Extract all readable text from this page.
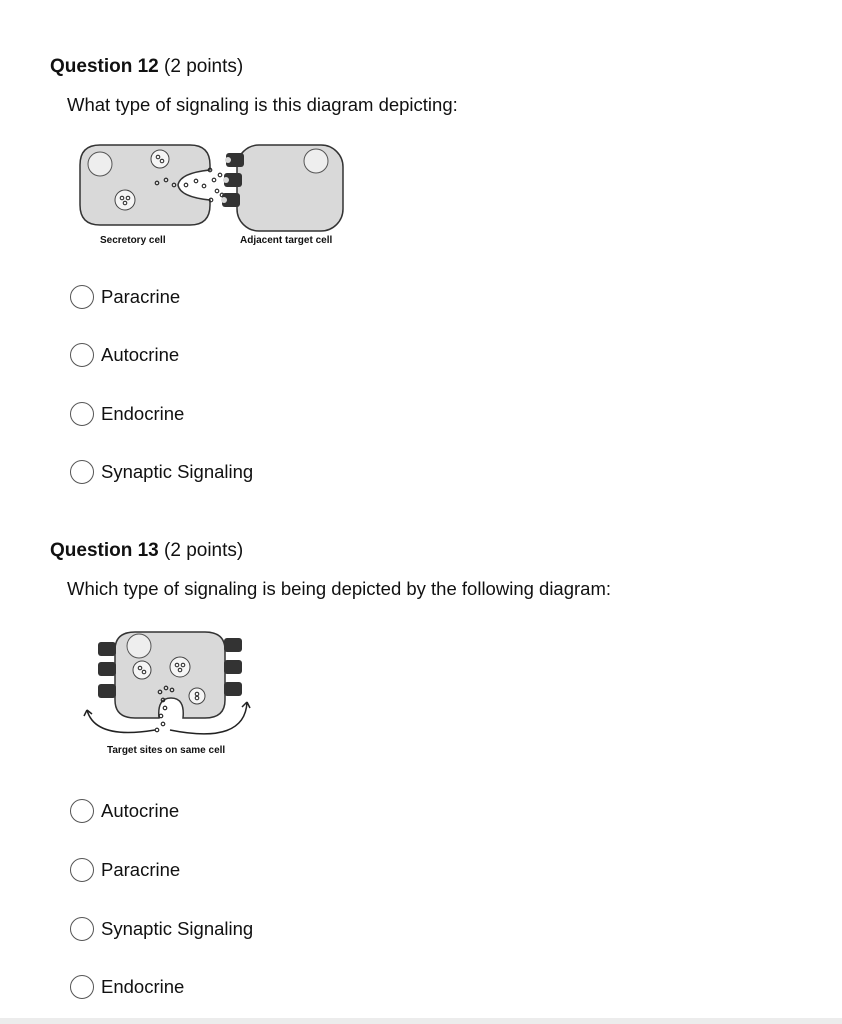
Question 12 (2 points)
What type of signaling is this diagram depicting:
Secretory cell	Adjacent target cell
Paracrine
Autocrine
Endocrine
Synaptic Signaling
Question 13 (2 points)
Which type of signaling is being depicted by the following diagram:
Target sites on same cell
Autocrine
Paracrine
Synaptic Signaling
Endocrine
